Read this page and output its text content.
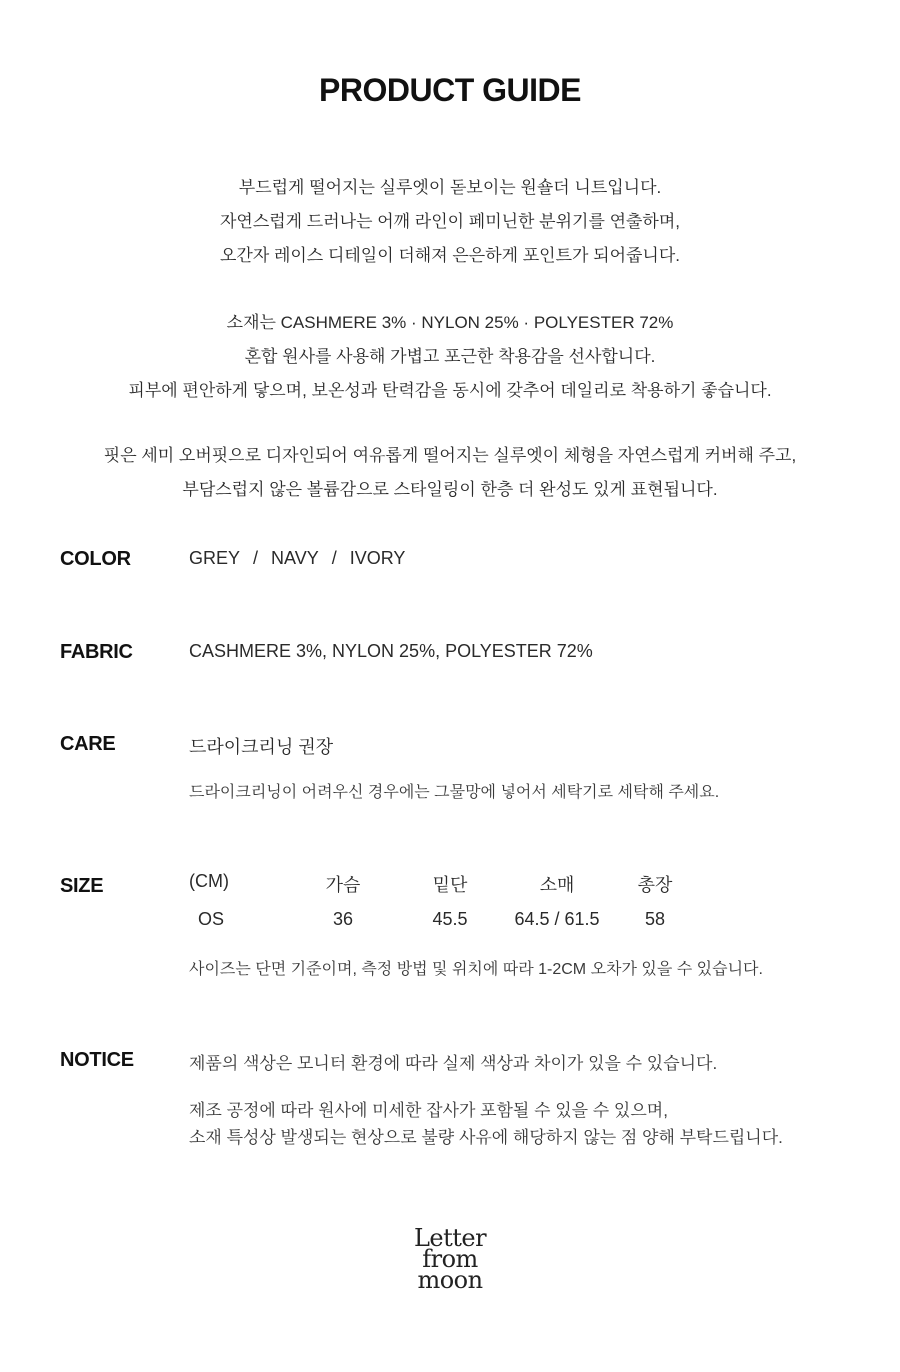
PRODUCT GUIDE

부드럽게 떨어지는 실루엣이 돋보이는 원숄더 니트입니다.

자연스럽게 드러나는 어깨 라인이 페미닌한 분위기를 연출하며,

오간자 레이스 디테일이 더해져 은은하게 포인트가 되어줍니다.

소재는 CASHMERE 3% · NYLON 25% · POLYESTER 72%

혼합 원사를 사용해 가볍고 포근한 착용감을 선사합니다.

피부에 편안하게 닿으며, 보온성과 탄력감을 동시에 갖추어 데일리로 착용하기 좋습니다.

핏은 세미 오버핏으로 디자인되어 여유롭게 떨어지는 실루엣이 체형을 자연스럽게 커버해 주고,

부담스럽지 않은 볼륨감으로 스타일링이 한층 더 완성도 있게 표현됩니다.

COLOR	GREY / NAVY / IVORY
FABRIC	CASHMERE 3%, NYLON 25%, POLYESTER 72%
CARE	드라이크리닝 권장
드라이크리닝이 어려우신 경우에는 그물망에 넣어서 세탁기로 세탁해 주세요.
SIZE	(CM)	가슴	밑단	소매	총장
OS	36	45.5	64.5 / 61.5	58
사이즈는 단면 기준이며, 측정 방법 및 위치에 따라 1-2CM 오차가 있을 수 있습니다.
NOTICE	제품의 색상은 모니터 환경에 따라 실제 색상과 차이가 있을 수 있습니다.

제조 공정에 따라 원사에 미세한 잡사가 포함될 수 있을 수 있으며,

소재 특성상 발생되는 현상으로 불량 사유에 해당하지 않는 점 양해 부탁드립니다.

Letter
from
moon
